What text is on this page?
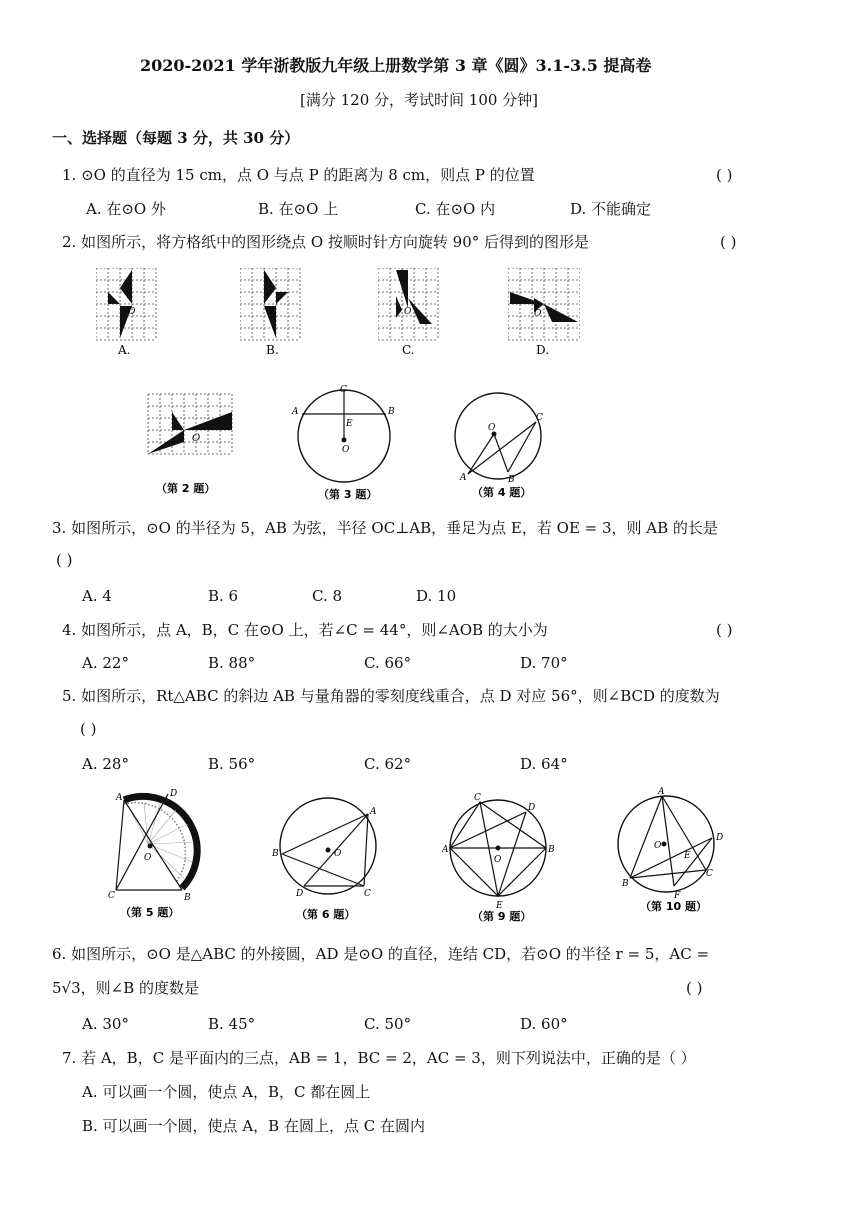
2020-2021 学年浙教版九年级上册数学第 3 章《圆》3.1-3.5 提高卷
[满分 120 分，考试时间 100 分钟]
一、选择题（每题 3 分，共 30 分）
1. ⊙O 的直径为 15 cm，点 O 与点 P 的距离为 8 cm，则点 P 的位置	( )
A. 在⊙O 外	B. 在⊙O 上	C. 在⊙O 内	D. 不能确定
2. 如图所示，将方格纸中的图形绕点 O 按顺时针方向旋转 90° 后得到的图形是	( )
O
A.
O
B.
O
C.
O
D.
O
（第 2 题）
A	B
C
E
O
（第 3 题）
O
C
A	B
（第 4 题）
3. 如图所示，⊙O 的半径为 5，AB 为弦，半径 OC⊥AB，垂足为点 E，若 OE = 3，则 AB 的长是
( )
A. 4	B. 6	C. 8	D. 10
4. 如图所示，点 A，B，C 在⊙O 上，若∠C = 44°，则∠AOB 的大小为	( )
A. 22°	B. 88°	C. 66°	D. 70°
5. 如图所示，Rt△ABC 的斜边 AB 与量角器的零刻度线重合，点 D 对应 56°，则∠BCD 的度数为
( )
A. 28°	B. 56°	C. 62°	D. 64°
A	D
O
C	B
（第 5 题）
A
B	O
D	C
（第 6 题）
C
D
A	B
O
E
（第 9 题）
A
D
O
E
C
B
F
（第 10 题）
6. 如图所示，⊙O 是△ABC 的外接圆，AD 是⊙O 的直径，连结 CD，若⊙O 的半径 r = 5，AC =
5√3，则∠B 的度数是	( )
A. 30°	B. 45°	C. 50°	D. 60°
7. 若 A，B，C 是平面内的三点，AB = 1，BC = 2，AC = 3，则下列说法中，正确的是（ ）
A. 可以画一个圆，使点 A，B，C 都在圆上
B. 可以画一个圆，使点 A，B 在圆上，点 C 在圆内
